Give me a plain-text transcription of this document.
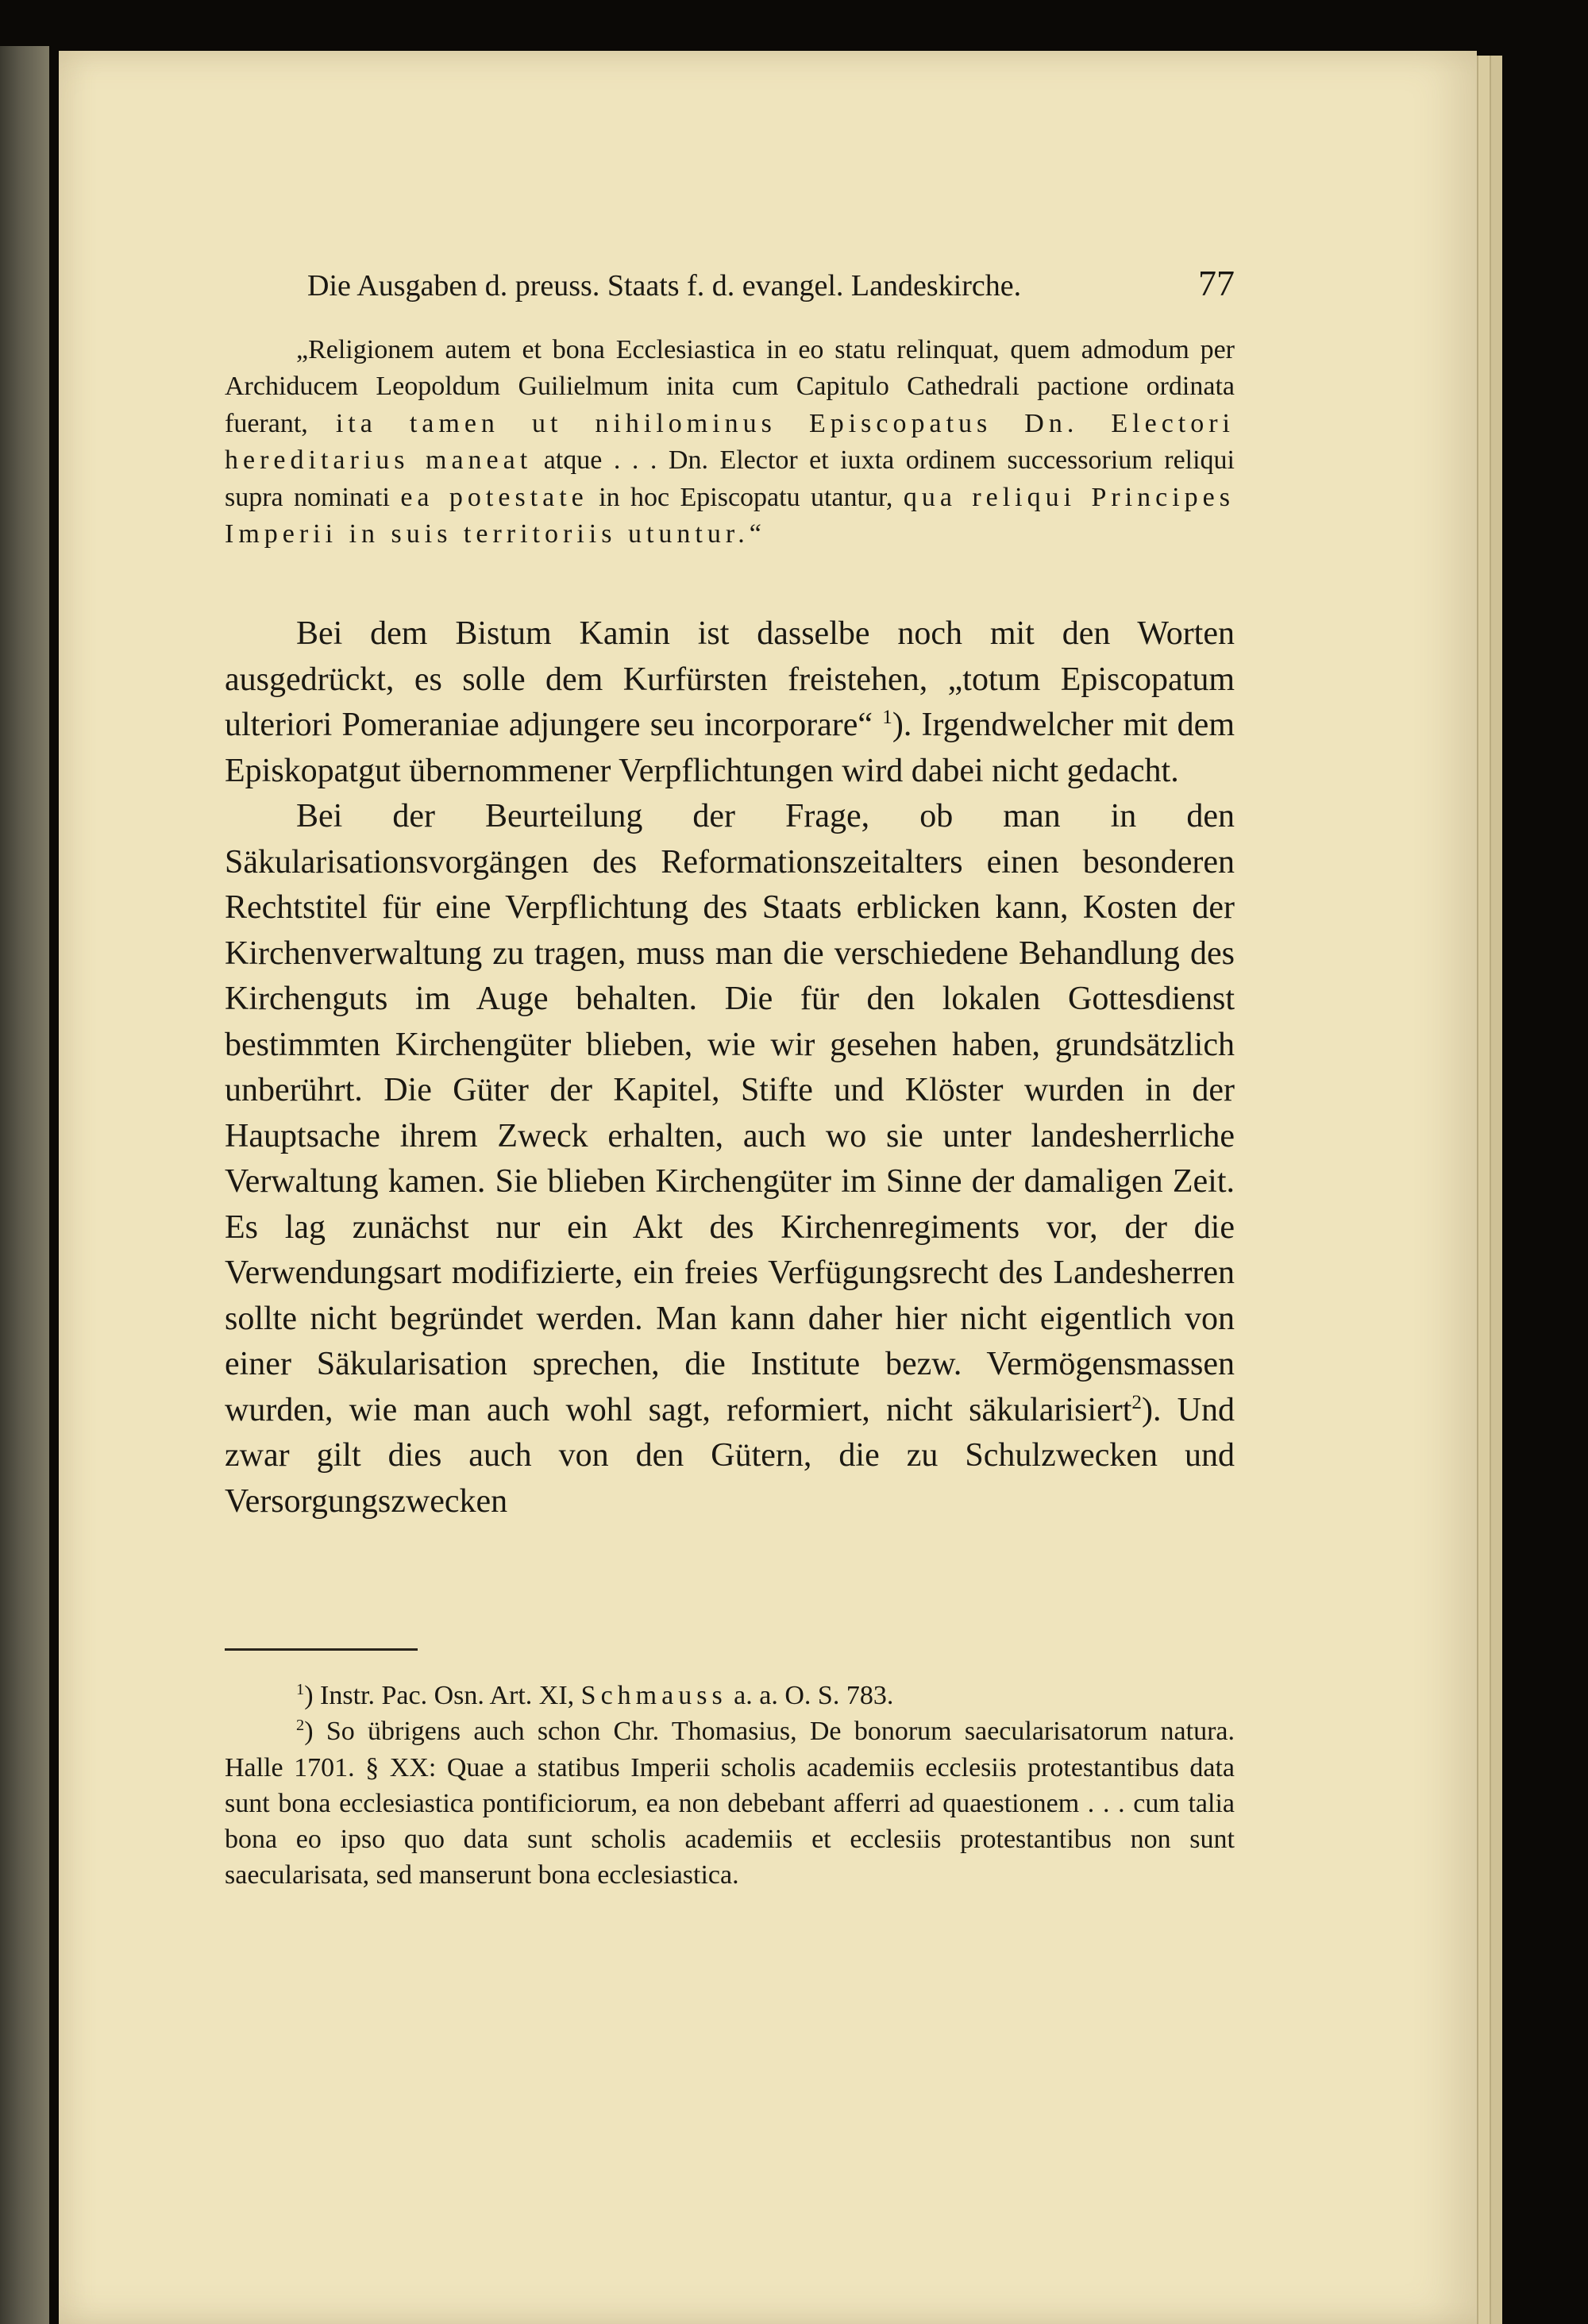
Die Ausgaben d. preuss. Staats f. d. evangel. Landeskirche.	77

„Religionem autem et bona Ecclesiastica in eo statu relinquat, quem admodum per Archiducem Leopoldum Guilielmum inita cum Capitulo Cathedrali pactione ordinata fuerant, ita tamen ut nihilominus Episcopatus Dn. Electori hereditarius maneat atque . . . Dn. Elector et iuxta ordinem successorium reliqui supra nominati ea potestate in hoc Episcopatu utantur, qua reliqui Principes Imperii in suis territoriis utuntur.“

Bei dem Bistum Kamin ist dasselbe noch mit den Worten ausgedrückt, es solle dem Kurfürsten freistehen, „totum Episcopatum ulteriori Pomeraniae adjungere seu incorporare“ $^1$). Irgendwelcher mit dem Episkopatgut übernommener Verpflichtungen wird dabei nicht gedacht.

Bei der Beurteilung der Frage, ob man in den Säkularisationsvorgängen des Reformationszeitalters einen besonderen Rechtstitel für eine Verpflichtung des Staats erblicken kann, Kosten der Kirchenverwaltung zu tragen, muss man die verschiedene Behandlung des Kirchenguts im Auge behalten. Die für den lokalen Gottesdienst bestimmten Kirchengüter blieben, wie wir gesehen haben, grundsätzlich unberührt. Die Güter der Kapitel, Stifte und Klöster wurden in der Hauptsache ihrem Zweck erhalten, auch wo sie unter landesherrliche Verwaltung kamen. Sie blieben Kirchengüter im Sinne der damaligen Zeit. Es lag zunächst nur ein Akt des Kirchenregiments vor, der die Verwendungsart modifizierte, ein freies Verfügungsrecht des Landesherren sollte nicht begründet werden. Man kann daher hier nicht eigentlich von einer Säkularisation sprechen, die Institute bezw. Vermögensmassen wurden, wie man auch wohl sagt, reformiert, nicht säkularisiert$^2$). Und zwar gilt dies auch von den Gütern, die zu Schulzwecken und Versorgungszwecken

$^1$) Instr. Pac. Osn. Art. XI, Schmauss a. a. O. S. 783.

$^2$) So übrigens auch schon Chr. Thomasius, De bonorum saecularisatorum natura. Halle 1701. § XX: Quae a statibus Imperii scholis academiis ecclesiis protestantibus data sunt bona ecclesiastica pontificiorum, ea non debebant afferri ad quaestionem . . . cum talia bona eo ipso quo data sunt scholis academiis et ecclesiis protestantibus non sunt saecularisata, sed manserunt bona ecclesiastica.
